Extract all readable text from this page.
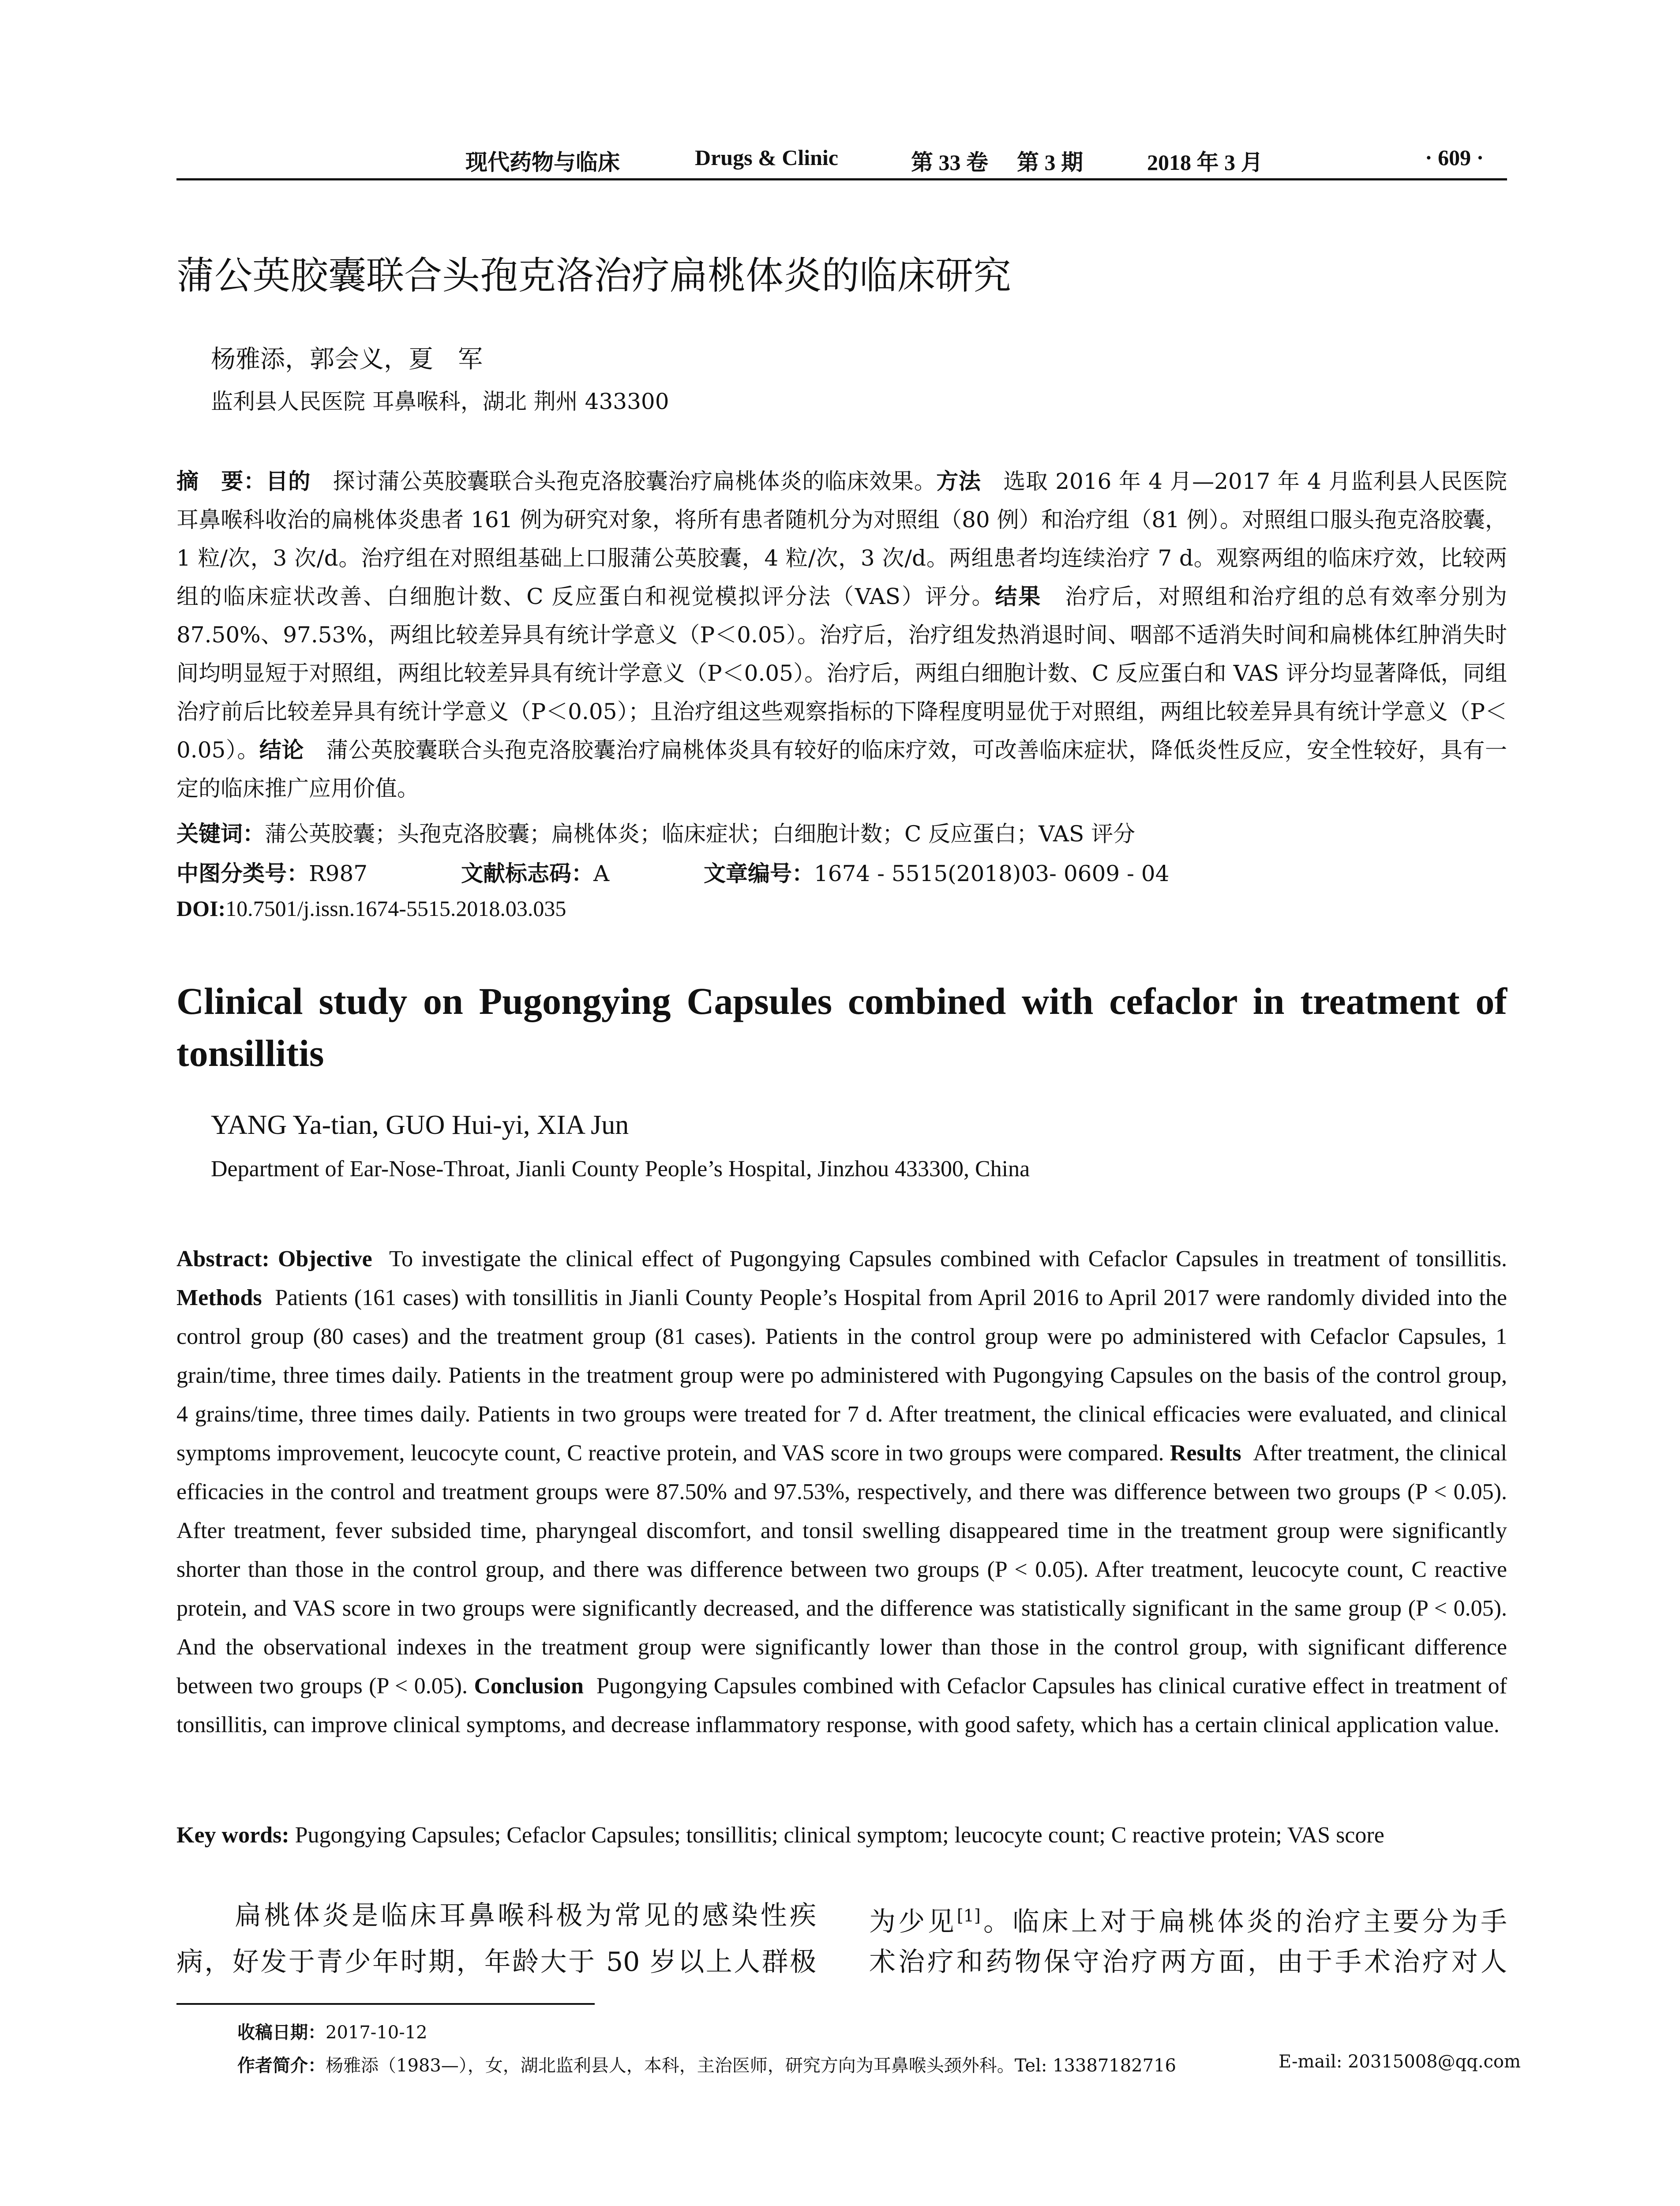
现代药物与临床	Drugs & Clinic	第 33 卷 第 3 期	2018 年 3 月	· 609 ·
蒲公英胶囊联合头孢克洛治疗扁桃体炎的临床研究
杨雅添，郭会义，夏　军
监利县人民医院 耳鼻喉科，湖北 荆州 433300
摘　要：目的　 探讨蒲公英胶囊联合头孢克洛胶囊治疗扁桃体炎的临床效果。方法　 选取 2016 年 4 月—2017 年 4 月监利县人民医院耳鼻喉科收治的扁桃体炎患者 161 例为研究对象，将所有患者随机分为对照组（80 例）和治疗组（81 例）。对照组口服头孢克洛胶囊，1 粒/次，3 次/d。治疗组在对照组基础上口服蒲公英胶囊，4 粒/次，3 次/d。两组患者均连续治疗 7 d。观察两组的临床疗效，比较两组的临床症状改善、白细胞计数、C 反应蛋白和视觉模拟评分法（VAS）评分。结果　 治疗后，对照组和治疗组的总有效率分别为 87.50%、97.53%，两组比较差异具有统计学意义（P＜0.05）。治疗后，治疗组发热消退时间、咽部不适消失时间和扁桃体红肿消失时间均明显短于对照组，两组比较差异具有统计学意义（P＜0.05）。治疗后，两组白细胞计数、C 反应蛋白和 VAS 评分均显著降低，同组治疗前后比较差异具有统计学意义（P＜0.05）；且治疗组这些观察指标的下降程度明显优于对照组，两组比较差异具有统计学意义（P＜0.05）。结论　 蒲公英胶囊联合头孢克洛胶囊治疗扁桃体炎具有较好的临床疗效，可改善临床症状，降低炎性反应，安全性较好，具有一定的临床推广应用价值。
关键词：蒲公英胶囊；头孢克洛胶囊；扁桃体炎；临床症状；白细胞计数；C 反应蛋白；VAS 评分
中图分类号：R987	文献标志码：A	文章编号：1674 - 5515(2018)03- 0609 - 04
DOI:10.7501/j.issn.1674-5515.2018.03.035
Clinical study on Pugongying Capsules combined with cefaclor in treatment of tonsillitis
YANG Ya-tian, GUO Hui-yi, XIA Jun
Department of Ear-Nose-Throat, Jianli County People’s Hospital, Jinzhou 433300, China
Abstract: Objective To investigate the clinical effect of Pugongying Capsules combined with Cefaclor Capsules in treatment of tonsillitis. Methods Patients (161 cases) with tonsillitis in Jianli County People’s Hospital from April 2016 to April 2017 were randomly divided into the control group (80 cases) and the treatment group (81 cases). Patients in the control group were po administered with Cefaclor Capsules, 1 grain/time, three times daily. Patients in the treatment group were po administered with Pugongying Capsules on the basis of the control group, 4 grains/time, three times daily. Patients in two groups were treated for 7 d. After treatment, the clinical efficacies were evaluated, and clinical symptoms improvement, leucocyte count, C reactive protein, and VAS score in two groups were compared. Results After treatment, the clinical efficacies in the control and treatment groups were 87.50% and 97.53%, respectively, and there was difference between two groups (P < 0.05). After treatment, fever subsided time, pharyngeal discomfort, and tonsil swelling disappeared time in the treatment group were significantly shorter than those in the control group, and there was difference between two groups (P < 0.05). After treatment, leucocyte count, C reactive protein, and VAS score in two groups were significantly decreased, and the difference was statistically significant in the same group (P < 0.05). And the observational indexes in the treatment group were significantly lower than those in the control group, with significant difference between two groups (P < 0.05). Conclusion Pugongying Capsules combined with Cefaclor Capsules has clinical curative effect in treatment of tonsillitis, can improve clinical symptoms, and decrease inflammatory response, with good safety, which has a certain clinical application value.
Key words: Pugongying Capsules; Cefaclor Capsules; tonsillitis; clinical symptom; leucocyte count; C reactive protein; VAS score
　　扁桃体炎是临床耳鼻喉科极为常见的感染性疾
病，好发于青少年时期，年龄大于 50 岁以上人群极
为少见[1]。临床上对于扁桃体炎的治疗主要分为手
术治疗和药物保守治疗两方面，由于手术治疗对人
收稿日期：2017-10-12
作者简介：杨雅添（1983—），女，湖北监利县人，本科，主治医师，研究方向为耳鼻喉头颈外科。Tel: 13387182716	E-mail: 20315008@qq.com
